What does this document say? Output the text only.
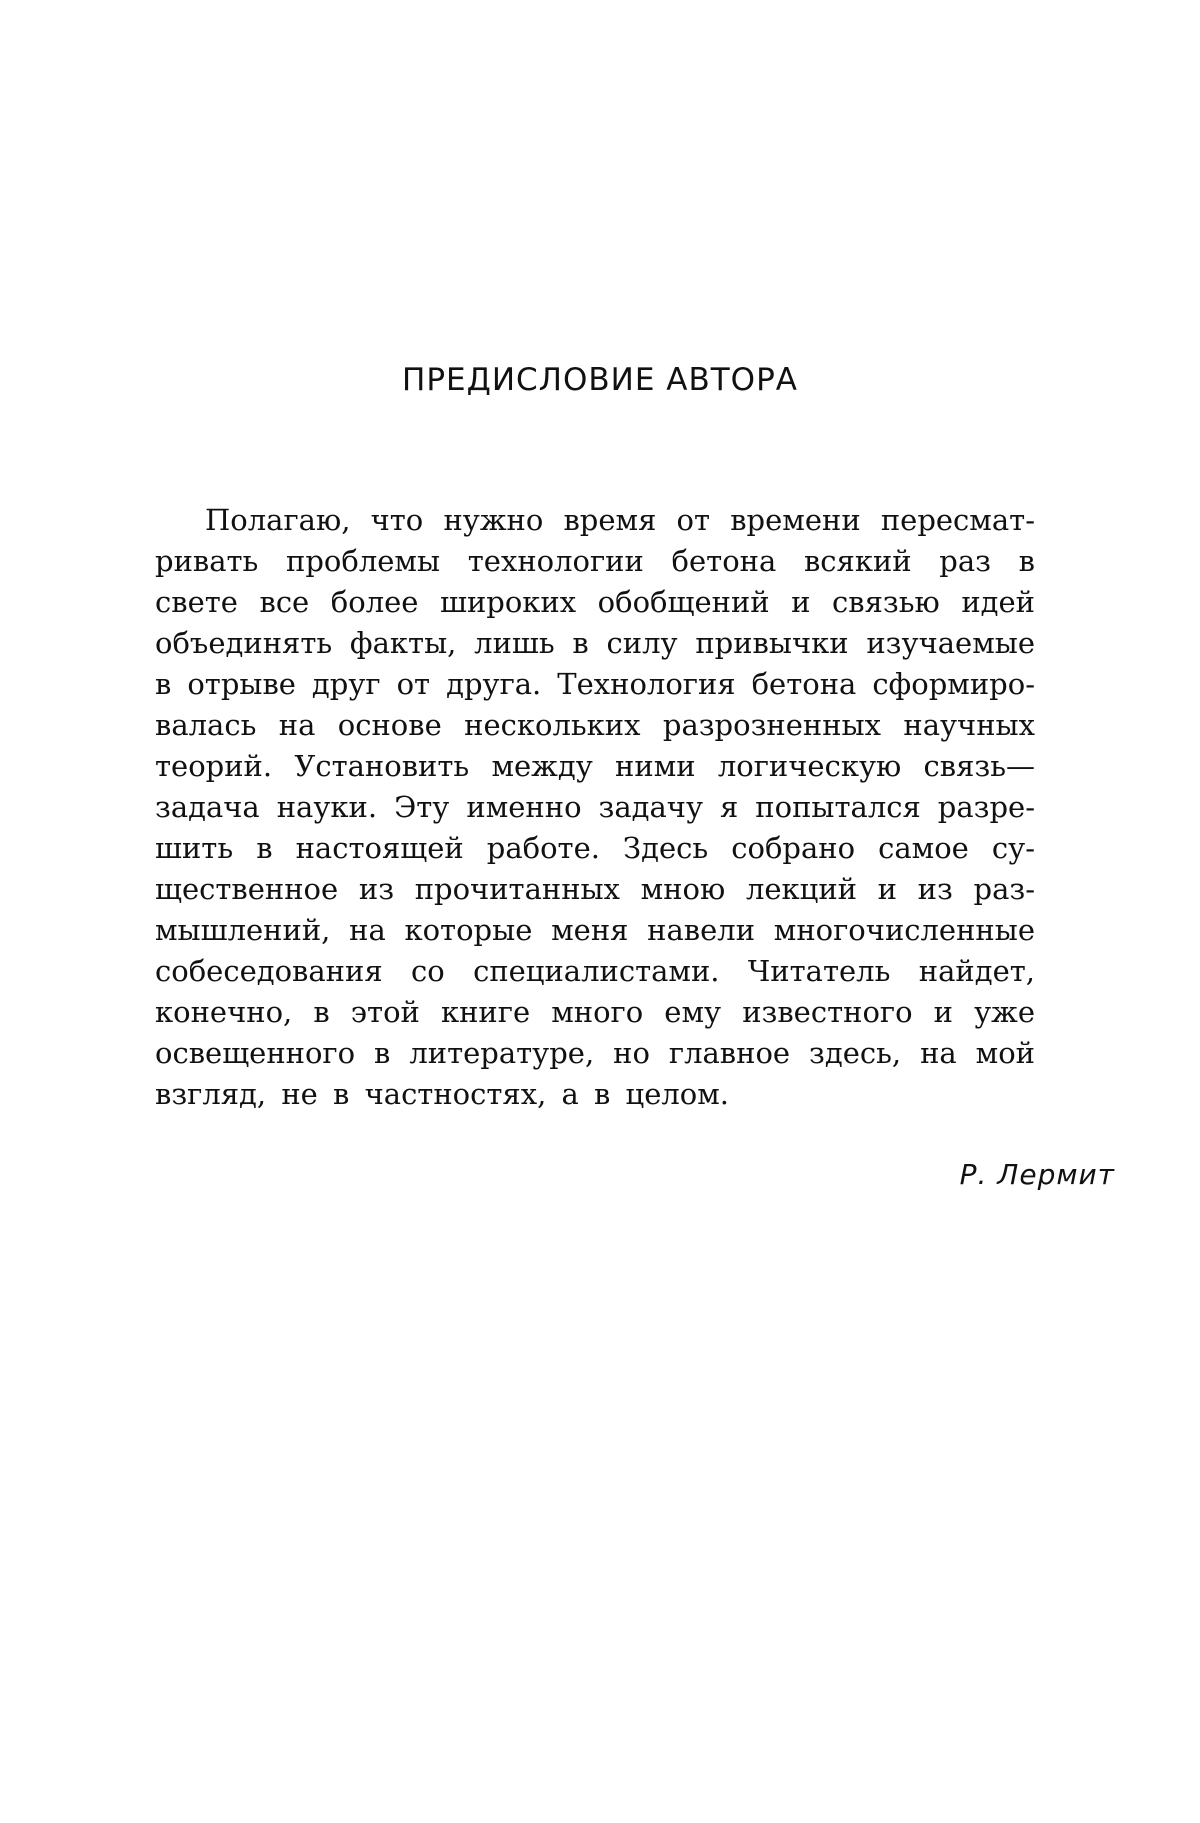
ПРЕДИСЛОВИЕ АВТОРА
Полагаю, что нужно время от времени пересмат-
ривать проблемы технологии бетона всякий раз в
свете все более широких обобщений и связью идей
объединять факты, лишь в силу привычки изучаемые
в отрыве друг от друга. Технология бетона сформиро-
валась на основе нескольких разрозненных научных
теорий. Установить между ними логическую связь—
задача науки. Эту именно задачу я попытался разре-
шить в настоящей работе. Здесь собрано самое су-
щественное из прочитанных мною лекций и из раз-
мышлений, на которые меня навели многочисленные
собеседования со специалистами. Читатель найдет,
конечно, в этой книге много ему известного и уже
освещенного в литературе, но главное здесь, на мой
взгляд, не в частностях, а в целом.

Р. Лермит
